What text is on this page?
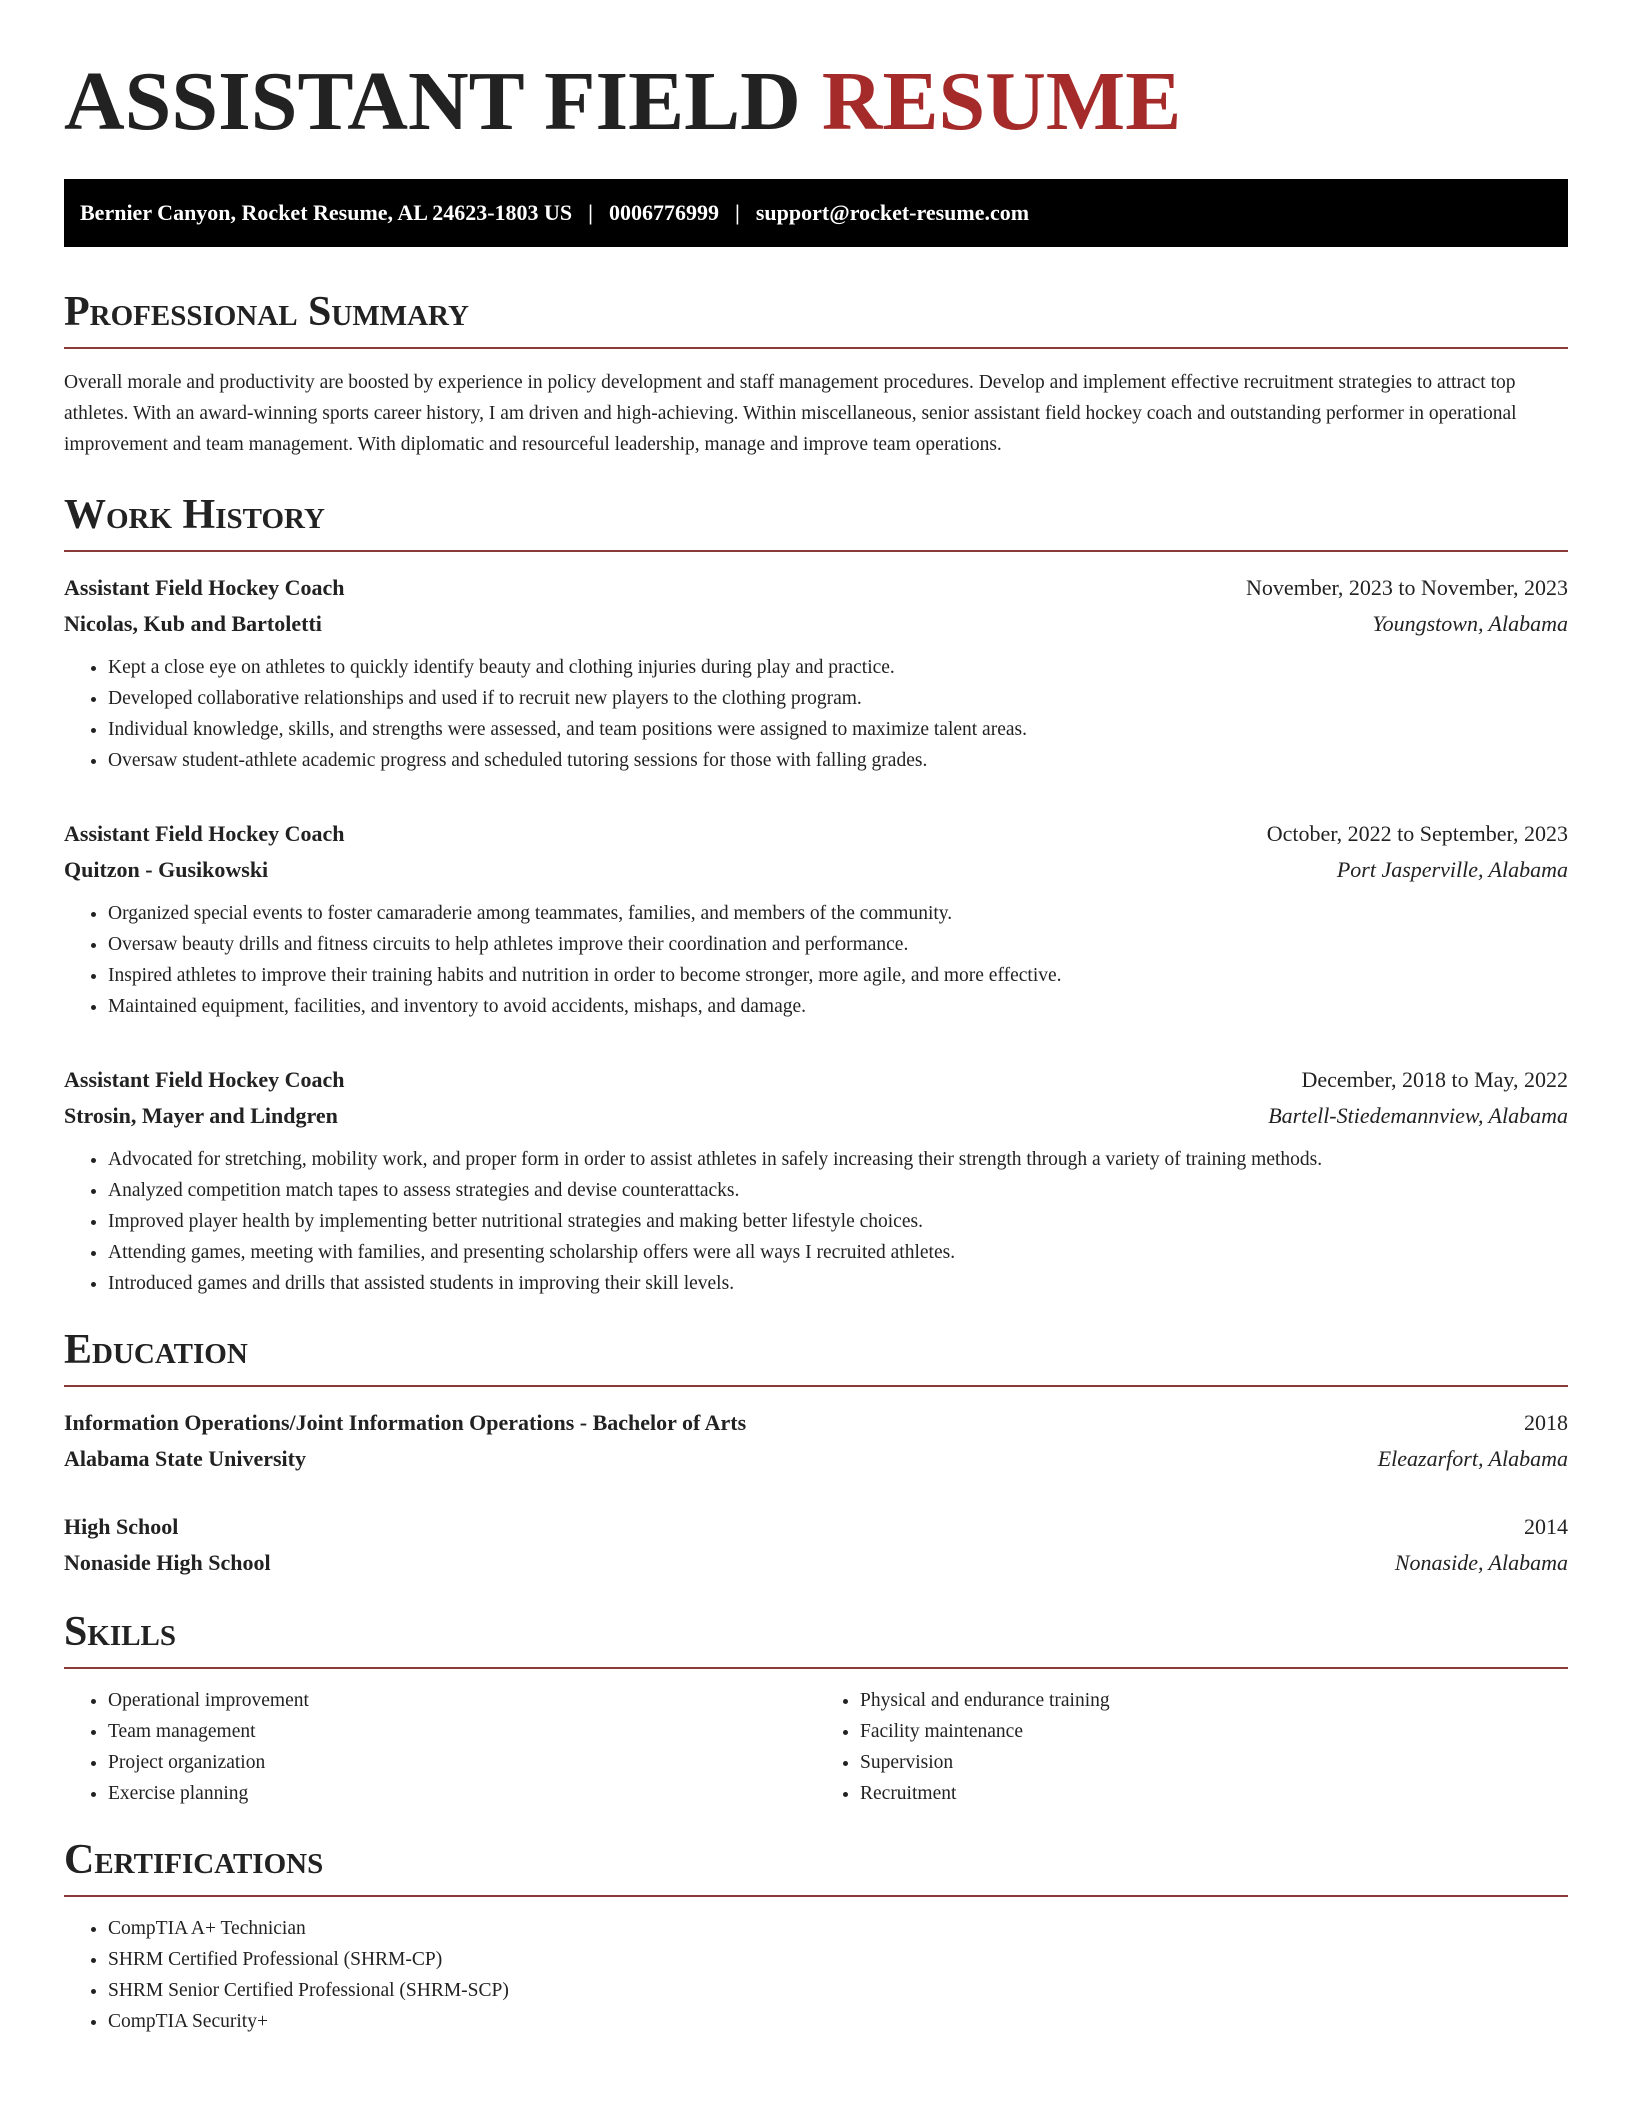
ASSISTANT FIELD RESUME
Bernier Canyon, Rocket Resume, AL 24623-1803 US | 0006776999 | support@rocket-resume.com
Professional Summary

Overall morale and productivity are boosted by experience in policy development and staff management procedures. Develop and implement effective recruitment strategies to attract top athletes. With an award-winning sports career history, I am driven and high-achieving. Within miscellaneous, senior assistant field hockey coach and outstanding performer in operational improvement and team management. With diplomatic and resourceful leadership, manage and improve team operations.

Work History
Assistant Field Hockey Coach	November, 2023 to November, 2023
Nicolas, Kub and Bartoletti	Youngstown, Alabama
• Kept a close eye on athletes to quickly identify beauty and clothing injuries during play and practice.
• Developed collaborative relationships and used if to recruit new players to the clothing program.
• Individual knowledge, skills, and strengths were assessed, and team positions were assigned to maximize talent areas.
• Oversaw student-athlete academic progress and scheduled tutoring sessions for those with falling grades.
Assistant Field Hockey Coach	October, 2022 to September, 2023
Quitzon - Gusikowski	Port Jasperville, Alabama
• Organized special events to foster camaraderie among teammates, families, and members of the community.
• Oversaw beauty drills and fitness circuits to help athletes improve their coordination and performance.
• Inspired athletes to improve their training habits and nutrition in order to become stronger, more agile, and more effective.
• Maintained equipment, facilities, and inventory to avoid accidents, mishaps, and damage.
Assistant Field Hockey Coach	December, 2018 to May, 2022
Strosin, Mayer and Lindgren	Bartell-Stiedemannview, Alabama
• Advocated for stretching, mobility work, and proper form in order to assist athletes in safely increasing their strength through a variety of training methods.
• Analyzed competition match tapes to assess strategies and devise counterattacks.
• Improved player health by implementing better nutritional strategies and making better lifestyle choices.
• Attending games, meeting with families, and presenting scholarship offers were all ways I recruited athletes.
• Introduced games and drills that assisted students in improving their skill levels.
Education
Information Operations/Joint Information Operations - Bachelor of Arts	2018
Alabama State University	Eleazarfort, Alabama
High School	2014
Nonaside High School	Nonaside, Alabama
Skills
• Operational improvement
• Team management
• Project organization
• Exercise planning
• Physical and endurance training
• Facility maintenance
• Supervision
• Recruitment
Certifications
• CompTIA A+ Technician
• SHRM Certified Professional (SHRM-CP)
• SHRM Senior Certified Professional (SHRM-SCP)
• CompTIA Security+
